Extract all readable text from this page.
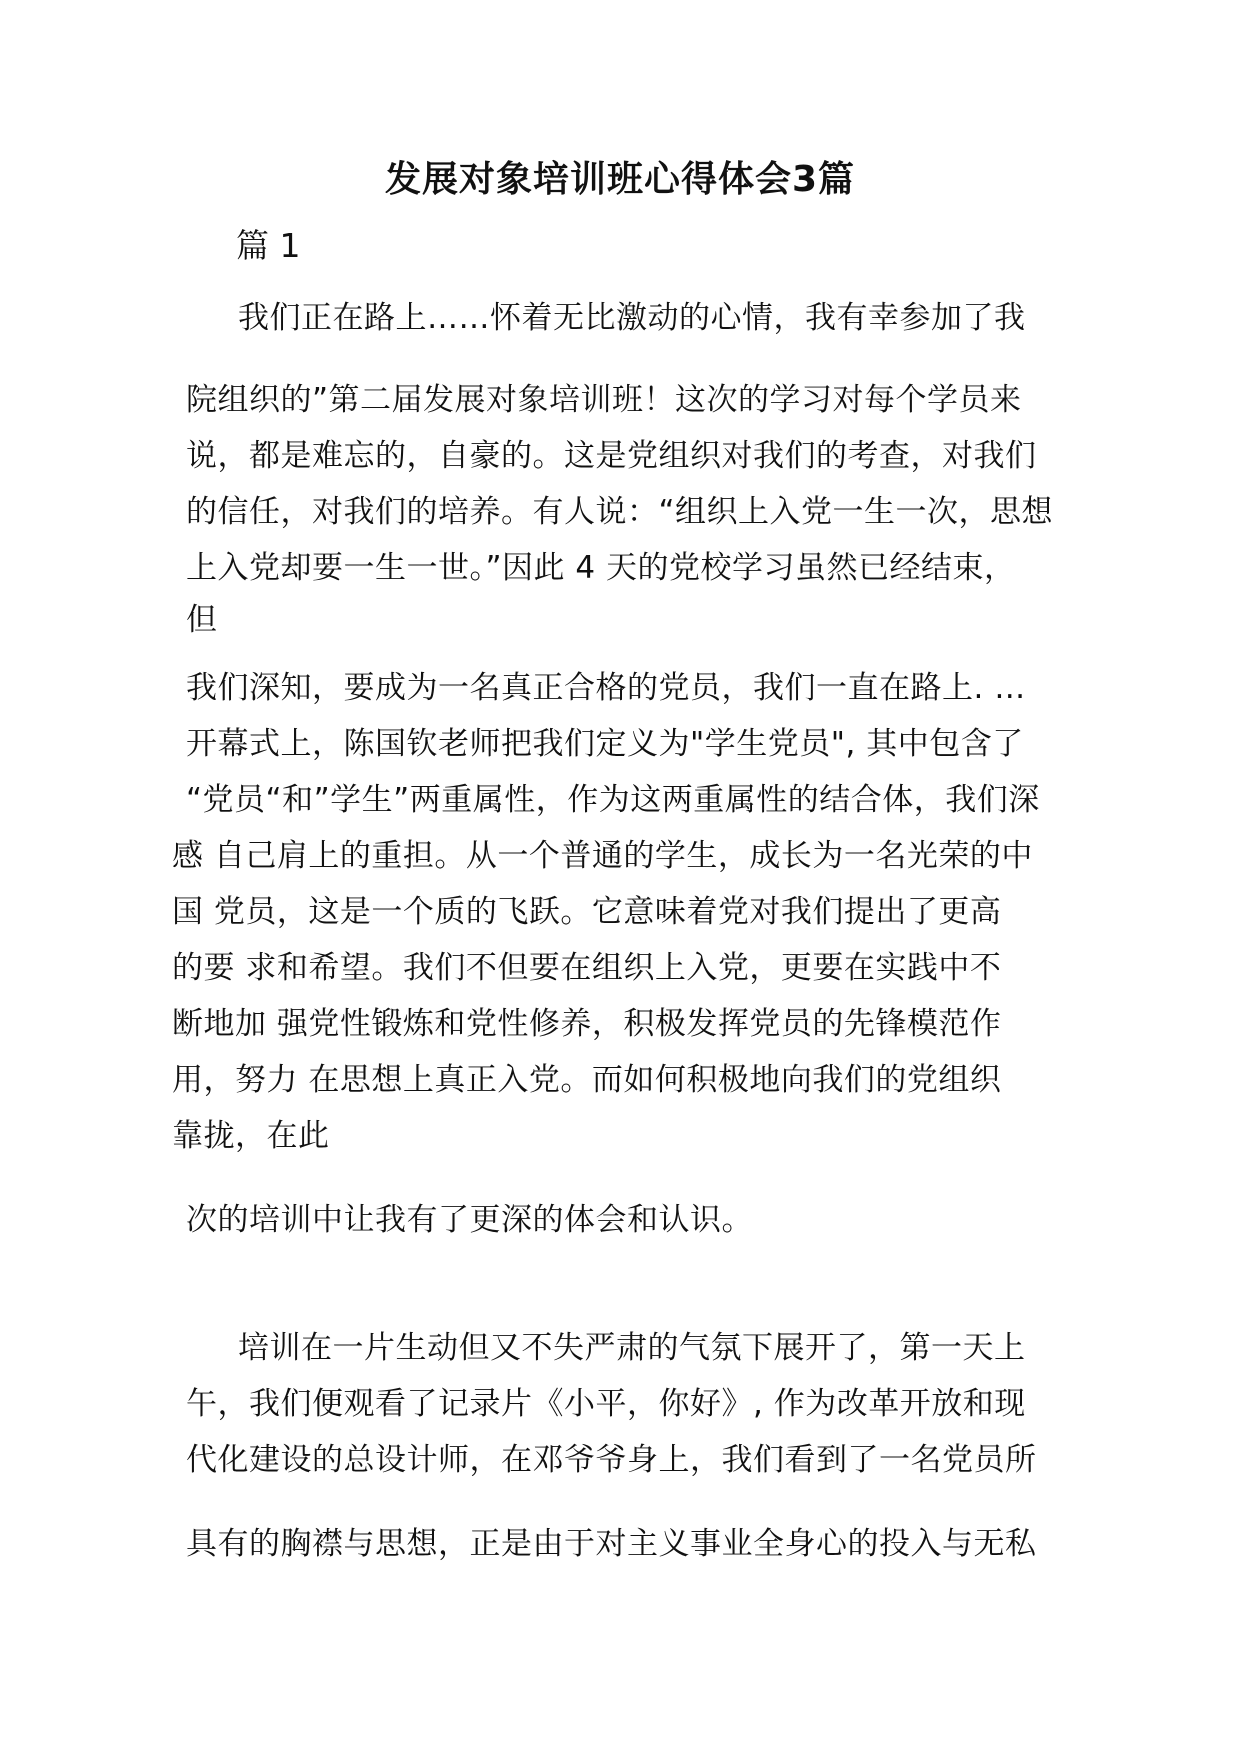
发展对象培训班心得体会3篇
篇 1
我们正在路上……怀着无比激动的心情，我有幸参加了我
院组织的”第二届发展对象培训班！这次的学习对每个学员来
说，都是难忘的，自豪的。这是党组织对我们的考查，对我们
的信任，对我们的培养。有人说：“组织上入党一生一次，思想
上入党却要一生一世。”因此 4 天的党校学习虽然已经结束，
但
我们深知，要成为一名真正合格的党员，我们一直在路上. …
开幕式上，陈国钦老师把我们定义为"学生党员", 其中包含了
“党员“和”学生”两重属性，作为这两重属性的结合体，我们深
感 自己肩上的重担。从一个普通的学生，成长为一名光荣的中
国 党员，这是一个质的飞跃。它意味着党对我们提出了更高
的要 求和希望。我们不但要在组织上入党，更要在实践中不
断地加 强党性锻炼和党性修养，积极发挥党员的先锋模范作
用，努力 在思想上真正入党。而如何积极地向我们的党组织
靠拢，在此
次的培训中让我有了更深的体会和认识。
培训在一片生动但又不失严肃的气氛下展开了，第一天上
午，我们便观看了记录片《小平，你好》, 作为改革开放和现
代化建设的总设计师，在邓爷爷身上，我们看到了一名党员所
具有的胸襟与思想，正是由于对主义事业全身心的投入与无私
